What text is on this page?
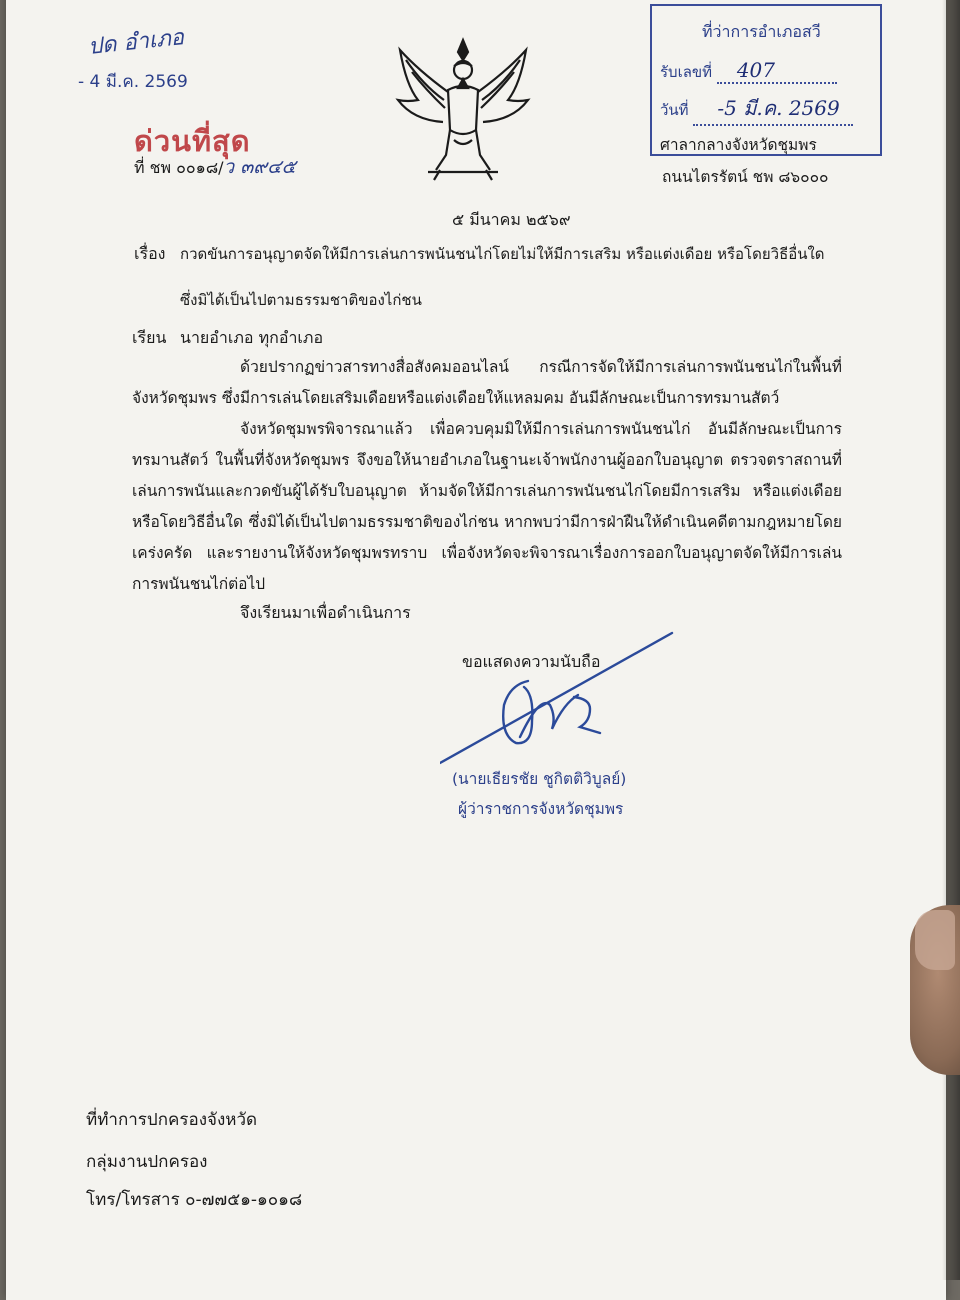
ปด อำเภอ
- 4 มี.ค. 2569
ที่ว่าการอำเภอสวี
รับเลขที่ 407
วันที่ -5 มี.ค. 2569
ศาลากลางจังหวัดชุมพร
ถนนไตรรัตน์ ชพ ๘๖๐๐๐
ด่วนที่สุด
ที่ ชพ ๐๐๑๘/ว ๓๙๔๕
๕ มีนาคม ๒๕๖๙
เรื่อง กวดขันการอนุญาตจัดให้มีการเล่นการพนันชนไก่โดยไม่ให้มีการเสริม หรือแต่งเดือย หรือโดยวิธีอื่นใด
ซึ่งมิได้เป็นไปตามธรรมชาติของไก่ชน
เรียน นายอำเภอ ทุกอำเภอ
ด้วยปรากฏข่าวสารทางสื่อสังคมออนไลน์ กรณีการจัดให้มีการเล่นการพนันชนไก่ในพื้นที่จังหวัดชุมพร ซึ่งมีการเล่นโดยเสริมเดือยหรือแต่งเดือยให้แหลมคม อันมีลักษณะเป็นการทรมานสัตว์
จังหวัดชุมพรพิจารณาแล้ว เพื่อควบคุมมิให้มีการเล่นการพนันชนไก่ อันมีลักษณะเป็นการทรมานสัตว์ ในพื้นที่จังหวัดชุมพร จึงขอให้นายอำเภอในฐานะเจ้าพนักงานผู้ออกใบอนุญาต ตรวจตราสถานที่เล่นการพนันและกวดขันผู้ได้รับใบอนุญาต ห้ามจัดให้มีการเล่นการพนันชนไก่โดยมีการเสริม หรือแต่งเดือยหรือโดยวิธีอื่นใด ซึ่งมิได้เป็นไปตามธรรมชาติของไก่ชน หากพบว่ามีการฝ่าฝืนให้ดำเนินคดีตามกฎหมายโดยเคร่งครัด และรายงานให้จังหวัดชุมพรทราบ เพื่อจังหวัดจะพิจารณาเรื่องการออกใบอนุญาตจัดให้มีการเล่นการพนันชนไก่ต่อไป
จึงเรียนมาเพื่อดำเนินการ
ขอแสดงความนับถือ
(นายเธียรชัย ชูกิตติวิบูลย์)
ผู้ว่าราชการจังหวัดชุมพร
ที่ทำการปกครองจังหวัด
กลุ่มงานปกครอง
โทร/โทรสาร ๐-๗๗๕๑-๑๐๑๘
